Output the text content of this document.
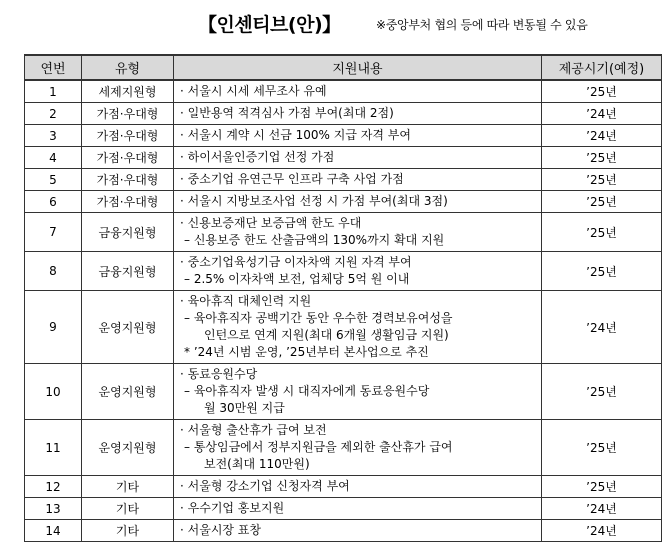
【인센티브(안)】	※중앙부처 협의 등에 따라 변동될 수 있음
연번	유형	지원내용	제공시기(예정)
1	세제지원형	· 서울시 시세 세무조사 유예	’25년
2	가점·우대형	· 일반용역 적격심사 가점 부여(최대 2점)	’24년
3	가점·우대형	· 서울시 계약 시 선금 100% 지급 자격 부여	’24년
4	가점·우대형	· 하이서울인증기업 선정 가점	’25년
5	가점·우대형	· 중소기업 유연근무 인프라 구축 사업 가점	’25년
6	가점·우대형	· 서울시 지방보조사업 선정 시 가점 부여(최대 3점)	’25년
7	금융지원형	· 신용보증재단 보증금액 한도 우대
– 신용보증 한도 산출금액의 130%까지 확대 지원	’25년
8	금융지원형	· 중소기업육성기금 이자차액 지원 자격 부여
– 2.5% 이자차액 보전, 업체당 5억 원 이내	’25년
9	운영지원형	· 육아휴직 대체인력 지원
– 육아휴직자 공백기간 동안 우수한 경력보유여성을
인턴으로 연계 지원(최대 6개월 생활임금 지원)
* ’24년 시범 운영, ’25년부터 본사업으로 추진	’24년
10	운영지원형	· 동료응원수당
– 육아휴직자 발생 시 대직자에게 동료응원수당
월 30만원 지급	’25년
11	운영지원형	· 서울형 출산휴가 급여 보전
– 통상임금에서 정부지원금을 제외한 출산휴가 급여
보전(최대 110만원)	’25년
12	기타	· 서울형 강소기업 신청자격 부여	’25년
13	기타	· 우수기업 홍보지원	’24년
14	기타	· 서울시장 표창	’24년
